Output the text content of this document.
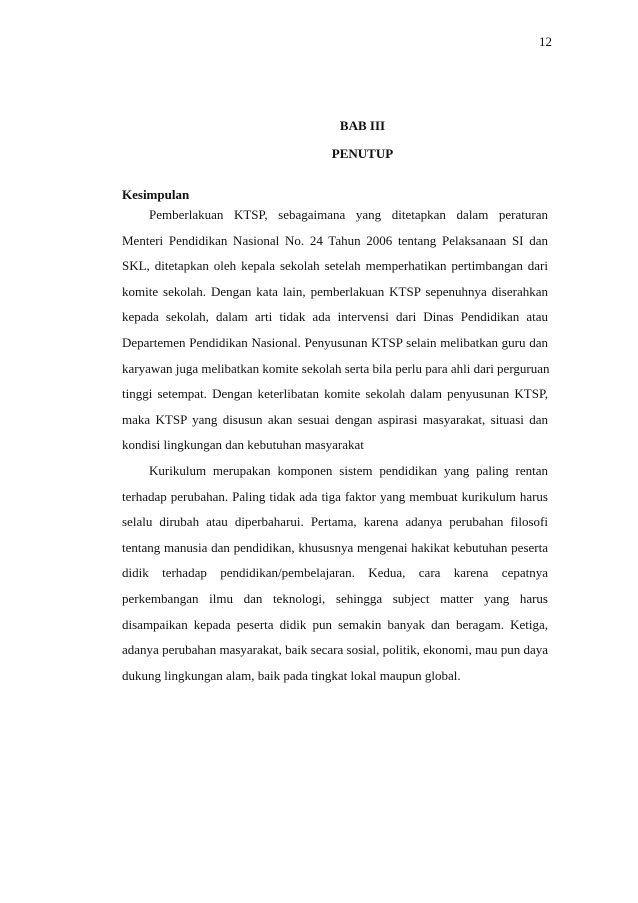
12
BAB III
PENUTUP
Kesimpulan
Pemberlakuan KTSP, sebagaimana yang ditetapkan dalam peraturan
Menteri Pendidikan Nasional No. 24 Tahun 2006 tentang Pelaksanaan SI dan
SKL, ditetapkan oleh kepala sekolah setelah memperhatikan pertimbangan dari
komite sekolah. Dengan kata lain, pemberlakuan KTSP sepenuhnya diserahkan
kepada sekolah, dalam arti tidak ada intervensi dari Dinas Pendidikan atau
Departemen Pendidikan Nasional. Penyusunan KTSP selain melibatkan guru dan
karyawan juga melibatkan komite sekolah serta bila perlu para ahli dari perguruan
tinggi setempat. Dengan keterlibatan komite sekolah dalam penyusunan KTSP,
maka KTSP yang disusun akan sesuai dengan aspirasi masyarakat, situasi dan
kondisi lingkungan dan kebutuhan masyarakat
Kurikulum merupakan komponen sistem pendidikan yang paling rentan
terhadap perubahan. Paling tidak ada tiga faktor yang membuat kurikulum harus
selalu dirubah atau diperbaharui. Pertama, karena adanya perubahan filosofi
tentang manusia dan pendidikan, khususnya mengenai hakikat kebutuhan peserta
didik terhadap pendidikan/pembelajaran. Kedua, cara karena cepatnya
perkembangan ilmu dan teknologi, sehingga subject matter yang harus
disampaikan kepada peserta didik pun semakin banyak dan beragam. Ketiga,
adanya perubahan masyarakat, baik secara sosial, politik, ekonomi, mau pun daya
dukung lingkungan alam, baik pada tingkat lokal maupun global.
